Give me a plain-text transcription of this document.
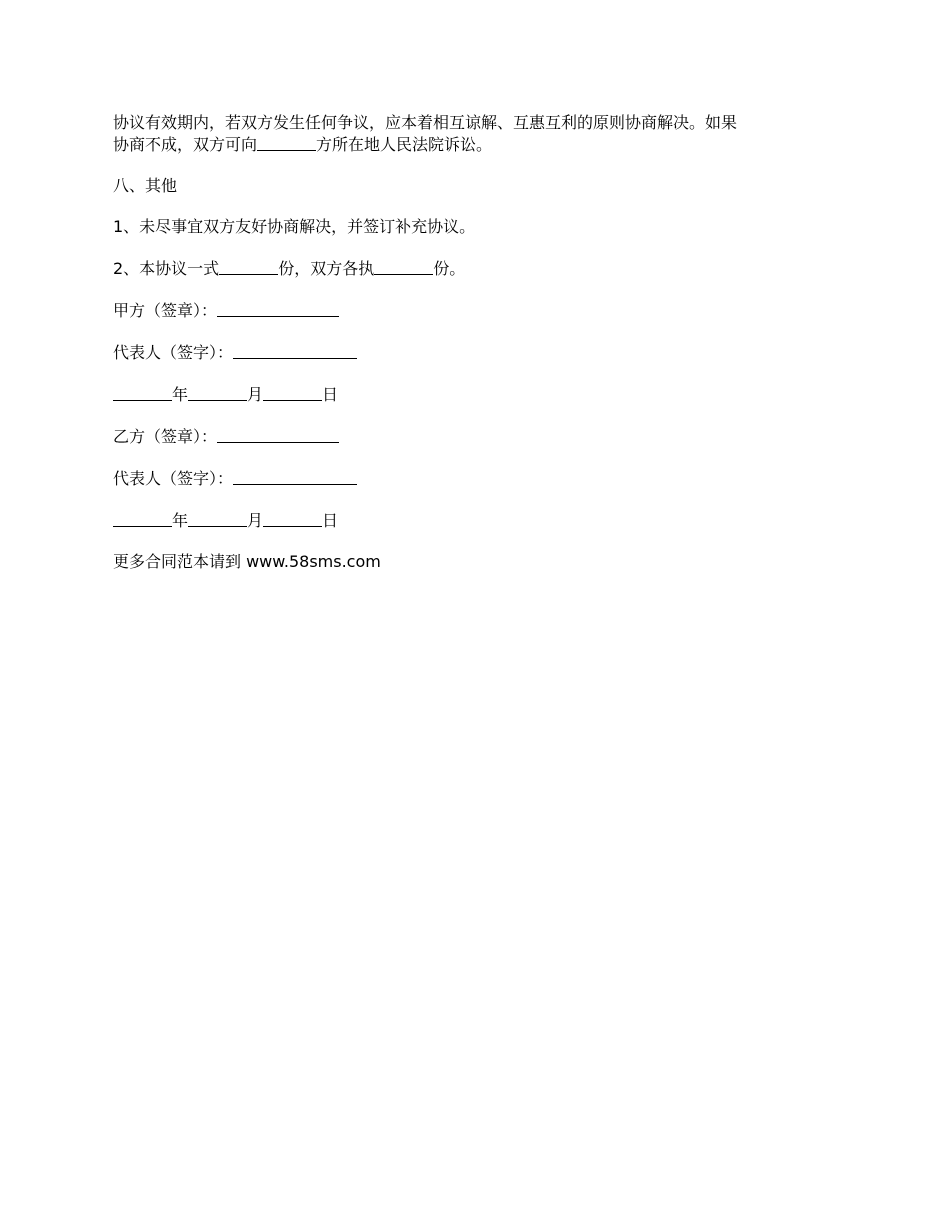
协议有效期内，若双方发生任何争议，应本着相互谅解、互惠互利的原则协商解决。如果
协商不成，双方可向	方所在地人民法院诉讼。

八、其他

1、未尽事宜双方友好协商解决，并签订补充协议。

2、本协议一式	份，双方各执	份。

甲方（签章）：

代表人（签字）：

年	月	日

乙方（签章）：

代表人（签字）：

年	月	日

更多合同范本请到 www.58sms.com
